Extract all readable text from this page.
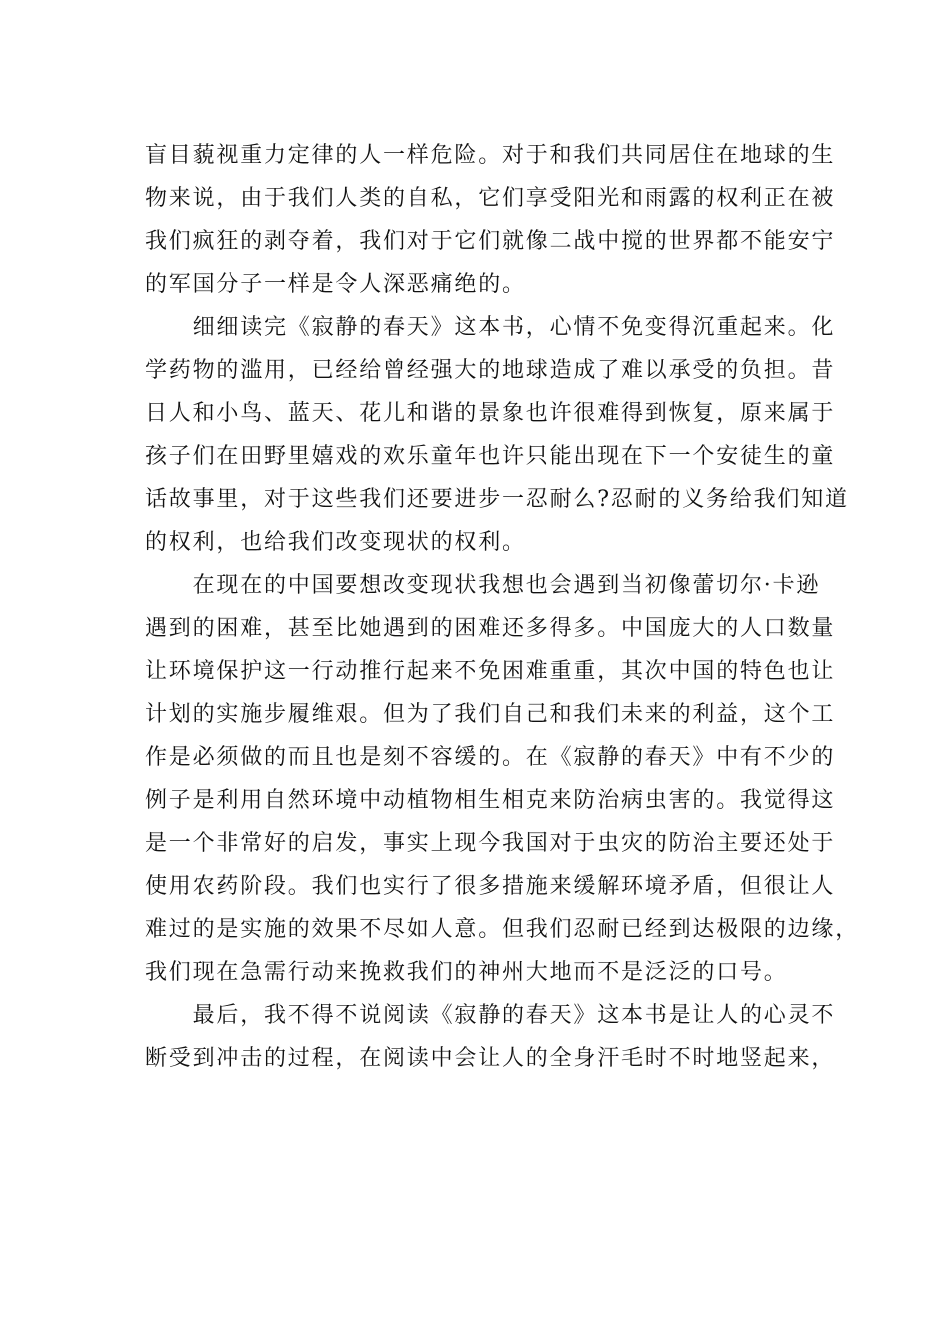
盲目藐视重力定律的人一样危险。对于和我们共同居住在地球的生
物来说，由于我们人类的自私，它们享受阳光和雨露的权利正在被
我们疯狂的剥夺着，我们对于它们就像二战中搅的世界都不能安宁
的军国分子一样是令人深恶痛绝的。
　　细细读完《寂静的春天》这本书，心情不免变得沉重起来。化
学药物的滥用，已经给曾经强大的地球造成了难以承受的负担。昔
日人和小鸟、蓝天、花儿和谐的景象也许很难得到恢复，原来属于
孩子们在田野里嬉戏的欢乐童年也许只能出现在下一个安徒生的童
话故事里，对于这些我们还要进步一忍耐么?忍耐的义务给我们知道
的权利，也给我们改变现状的权利。
　　在现在的中国要想改变现状我想也会遇到当初像蕾切尔·卡逊
遇到的困难，甚至比她遇到的困难还多得多。中国庞大的人口数量
让环境保护这一行动推行起来不免困难重重，其次中国的特色也让
计划的实施步履维艰。但为了我们自己和我们未来的利益，这个工
作是必须做的而且也是刻不容缓的。在《寂静的春天》中有不少的
例子是利用自然环境中动植物相生相克来防治病虫害的。我觉得这
是一个非常好的启发，事实上现今我国对于虫灾的防治主要还处于
使用农药阶段。我们也实行了很多措施来缓解环境矛盾，但很让人
难过的是实施的效果不尽如人意。但我们忍耐已经到达极限的边缘，
我们现在急需行动来挽救我们的神州大地而不是泛泛的口号。
　　最后，我不得不说阅读《寂静的春天》这本书是让人的心灵不
断受到冲击的过程，在阅读中会让人的全身汗毛时不时地竖起来，
